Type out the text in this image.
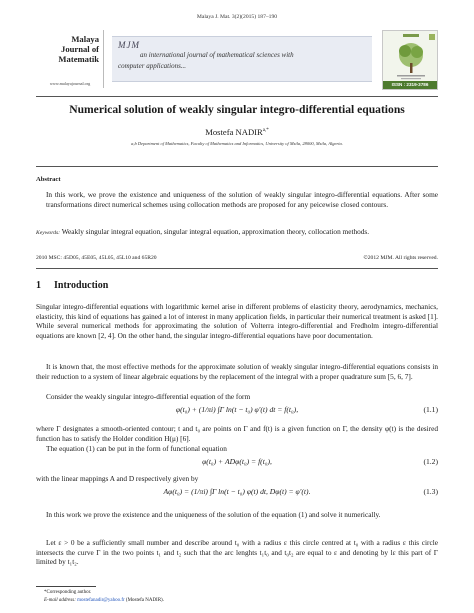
Malaya J. Mat. 3(2)(2015) 187–190
Malaya
Journal of
Matematik
www.malayajournal.org
MJM
an international journal of mathematical sciences with
computer applications...
ISSN : 2319-3786
Numerical solution of weakly singular integro-differential equations
Mostefa $NADIR^{a,*}$
a,b Department of Mathematics, Faculty of Mathematics and Informatics, University of Msila, 28000, Msila, Algeria.
Abstract
In this work, we prove the existence and uniqueness of the solution of weakly singular integro-differential equations. After some transformations direct numerical schemes using collocation methods are proposed for any peicewise closed contours.
Keywords: Weakly singular integral equation, singular integral equation, approximation theory, collocation methods.
2010 MSC: 45D05, 45E05, 45L05, 45L10 and 65R20	©2012 MJM. All rights reserved.
1 Introduction
Singular integro-differential equations with logarithmic kernel arise in different problems of elasticity theory, aerodynamics, mechanics, elasticity, this kind of equations has gained a lot of interest in many application fields, in particular their numerical treatment is asked [1]. While several numerical methods for approximating the solution of Volterra integro-differential and Fredholm integro-differential equations are known [2, 4]. On the other hand, the singular integro-differential equations have poor documentation.
It is known that, the most effective methods for the approximate solution of weakly singular integro-differential equations consists in their reduction to a system of linear algebraic equations by the replacement of the integral with a proper quadrature sum [5, 6, 7].
Consider the weakly singular integro-differential equation of the form
φ(t₀) + (1/πi) ∫Γ ln(t − t₀) φ′(t) dt = f(t₀),	(1.1)
where Γ designates a smooth-oriented contour; t and t₀ are points on Γ and f(t) is a given function on Γ, the density φ(t) is the desired function has to satisfy the Holder condition H(μ) [6].
The equation (1) can be put in the form of functional equation
φ(t₀) + ADφ(t₀) = f(t₀),	(1.2)
with the linear mappings A and D respectively given by
Aφ(t₀) = (1/πi) ∫Γ ln(t − t₀) φ(t) dt, Dφ(t) = φ′(t).	(1.3)
In this work we prove the existence and the uniqueness of the solution of the equation (1) and solve it numerically.
Let ε > 0 be a sufficiently small number and describe around t₀ with a radius ε this circle centred at t₀ with a radius ε this circle intersects the curve Γ in the two points t₁ and t₂ such that the arc lenghts t₁t₀ and t₀t₂ are equal to ε and denoting by lε this part of Γ limited by t₁t₂.
*Corresponding author.
E-mail address: mostefanadir@yahoo.fr (Mostefa NADIR).
